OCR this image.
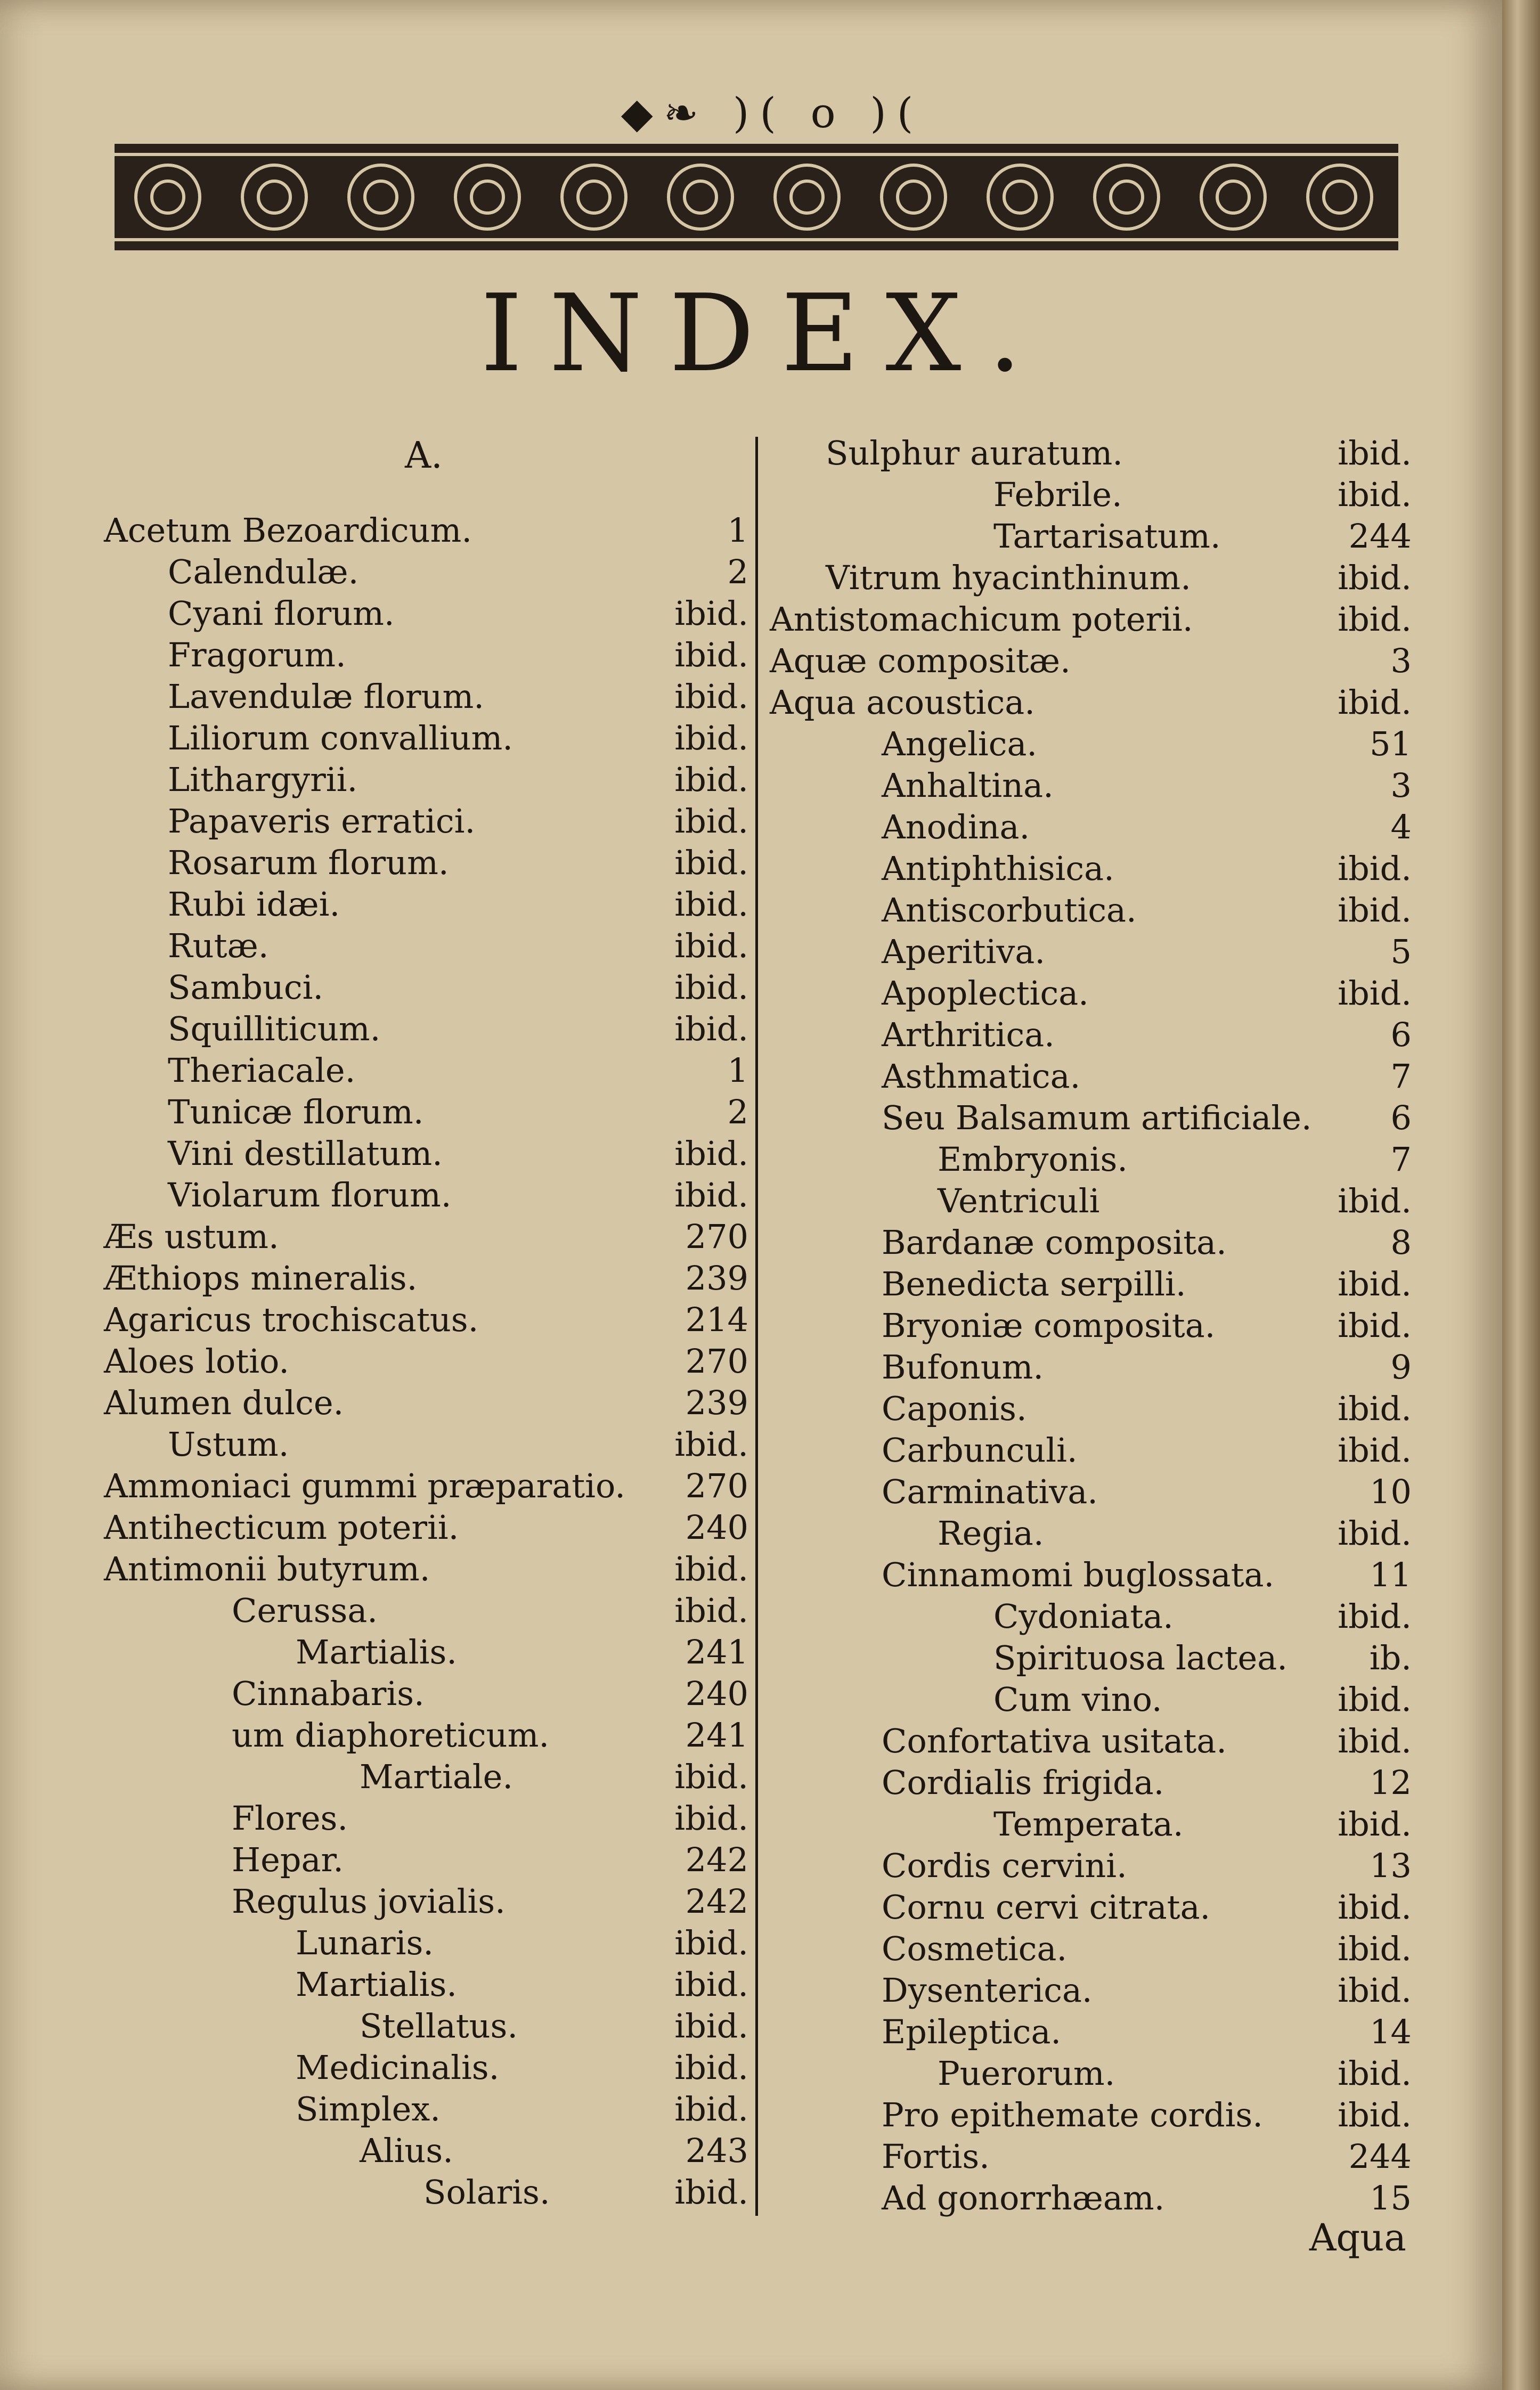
◆❧ )( o )(
INDEX.
A.
Acetum Bezoardicum.	1
Calendulæ.	2
Cyani florum.	ibid.
Fragorum.	ibid.
Lavendulæ florum.	ibid.
Liliorum convallium.	ibid.
Lithargyrii.	ibid.
Papaveris erratici.	ibid.
Rosarum florum.	ibid.
Rubi idæi.	ibid.
Rutæ.	ibid.
Sambuci.	ibid.
Squilliticum.	ibid.
Theriacale.	1
Tunicæ florum.	2
Vini destillatum.	ibid.
Violarum florum.	ibid.
Æs ustum.	270
Æthiops mineralis.	239
Agaricus trochiscatus.	214
Aloes lotio.	270
Alumen dulce.	239
Ustum.	ibid.
Ammoniaci gummi præparatio.	270
Antihecticum poterii.	240
Antimonii butyrum.	ibid.
Cerussa.	ibid.
Martialis.	241
Cinnabaris.	240
um diaphoreticum.	241
Martiale.	ibid.
Flores.	ibid.
Hepar.	242
Regulus jovialis.	242
Lunaris.	ibid.
Martialis.	ibid.
Stellatus.	ibid.
Medicinalis.	ibid.
Simplex.	ibid.
Alius.	243
Solaris.	ibid.
Sulphur auratum.	ibid.
Febrile.	ibid.
Tartarisatum.	244
Vitrum hyacinthinum.	ibid.
Antistomachicum poterii.	ibid.
Aquæ compositæ.	3
Aqua acoustica.	ibid.
Angelica.	51
Anhaltina.	3
Anodina.	4
Antiphthisica.	ibid.
Antiscorbutica.	ibid.
Aperitiva.	5
Apoplectica.	ibid.
Arthritica.	6
Asthmatica.	7
Seu Balsamum artificiale.	6
Embryonis.	7
Ventriculi	ibid.
Bardanæ composita.	8
Benedicta serpilli.	ibid.
Bryoniæ composita.	ibid.
Bufonum.	9
Caponis.	ibid.
Carbunculi.	ibid.
Carminativa.	10
Regia.	ibid.
Cinnamomi buglossata.	11
Cydoniata.	ibid.
Spirituosa lactea.	ib.
Cum vino.	ibid.
Confortativa usitata.	ibid.
Cordialis frigida.	12
Temperata.	ibid.
Cordis cervini.	13
Cornu cervi citrata.	ibid.
Cosmetica.	ibid.
Dysenterica.	ibid.
Epileptica.	14
Puerorum.	ibid.
Pro epithemate cordis.	ibid.
Fortis.	244
Ad gonorrhæam.	15
Aqua
